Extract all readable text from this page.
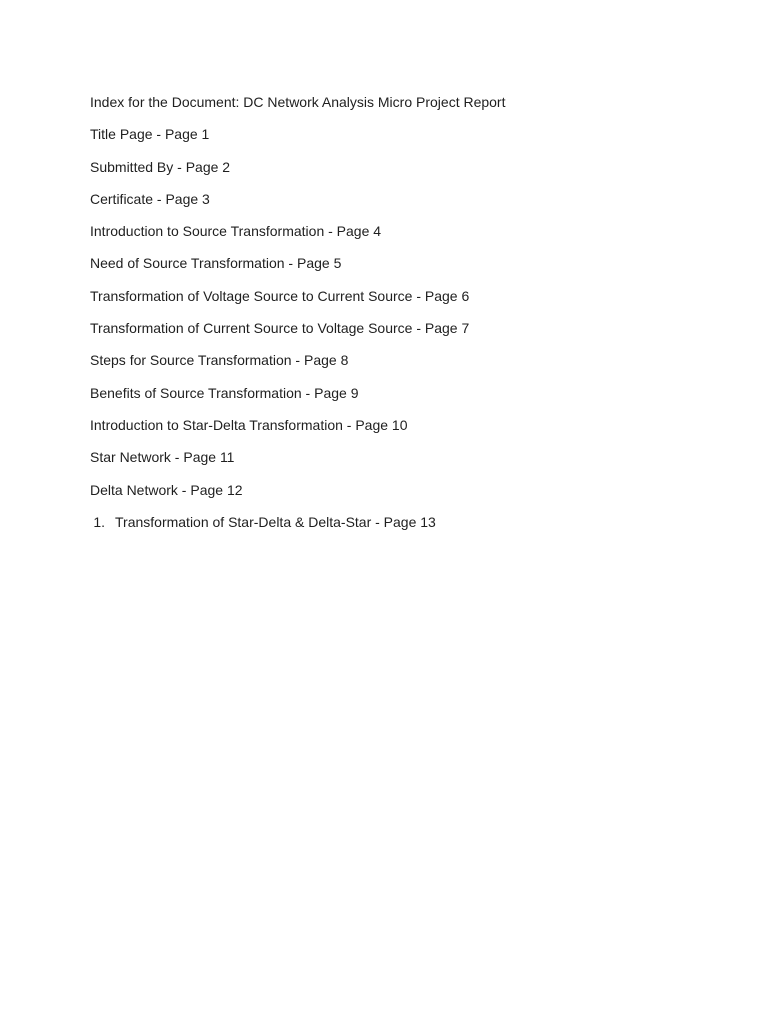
Index for the Document: DC Network Analysis Micro Project Report
Title Page - Page 1
Submitted By - Page 2
Certificate - Page 3
Introduction to Source Transformation - Page 4
Need of Source Transformation - Page 5
Transformation of Voltage Source to Current Source - Page 6
Transformation of Current Source to Voltage Source - Page 7
Steps for Source Transformation - Page 8
Benefits of Source Transformation - Page 9
Introduction to Star-Delta Transformation - Page 10
Star Network - Page 11
Delta Network - Page 12
1. Transformation of Star-Delta & Delta-Star - Page 13
